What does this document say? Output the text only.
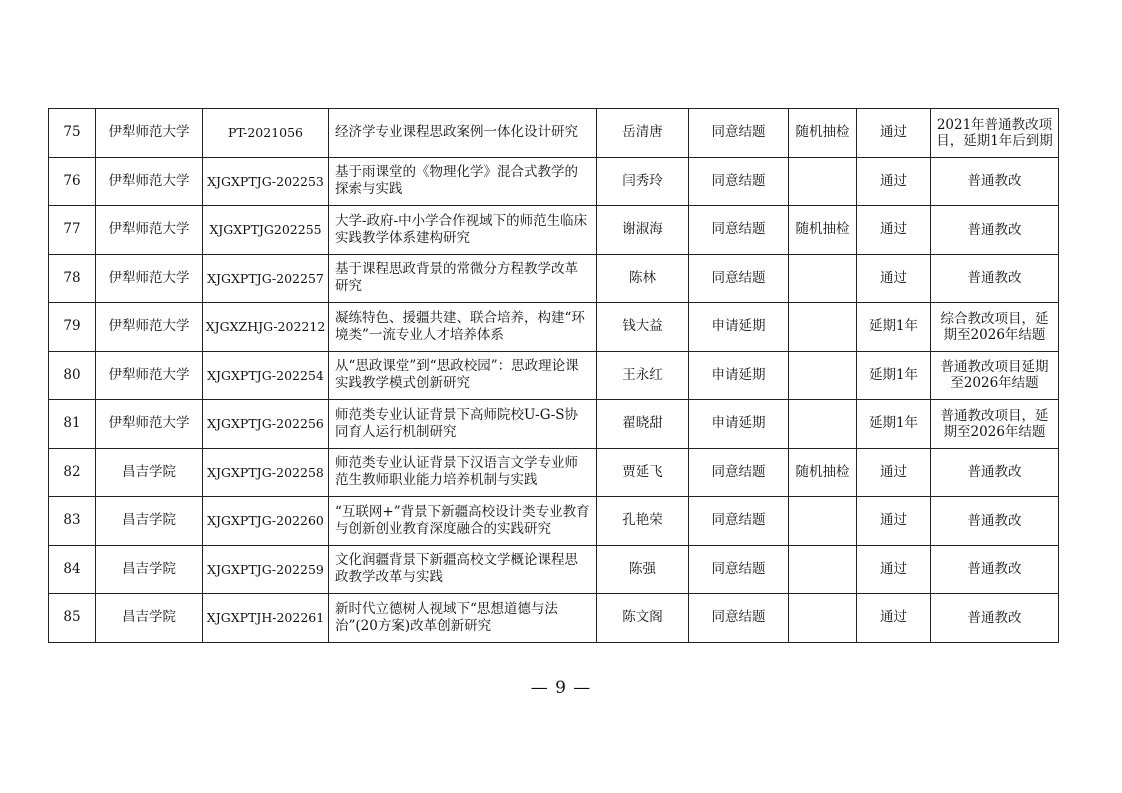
75	伊犁师范大学	PT-2021056	经济学专业课程思政案例一体化设计研究	岳清唐	同意结题	随机抽检	通过	2021年普通教改项目，延期1年后到期
76	伊犁师范大学	XJGXPTJG-202253	基于雨课堂的《物理化学》混合式教学的探索与实践	闫秀玲	同意结题		通过	普通教改
77	伊犁师范大学	XJGXPTJG202255	大学-政府-中小学合作视域下的师范生临床实践教学体系建构研究	谢淑海	同意结题	随机抽检	通过	普通教改
78	伊犁师范大学	XJGXPTJG-202257	基于课程思政背景的常微分方程教学改革研究	陈林	同意结题		通过	普通教改
79	伊犁师范大学	XJGXZHJG-202212	凝练特色、援疆共建、联合培养，构建“环境类”一流专业人才培养体系	钱大益	申请延期		延期1年	综合教改项目，延期至2026年结题
80	伊犁师范大学	XJGXPTJG-202254	从“思政课堂”到“思政校园”：思政理论课实践教学模式创新研究	王永红	申请延期		延期1年	普通教改项目延期至2026年结题
81	伊犁师范大学	XJGXPTJG-202256	师范类专业认证背景下高师院校U-G-S协同育人运行机制研究	翟晓甜	申请延期		延期1年	普通教改项目，延期至2026年结题
82	昌吉学院	XJGXPTJG-202258	师范类专业认证背景下汉语言文学专业师范生教师职业能力培养机制与实践	贾延飞	同意结题	随机抽检	通过	普通教改
83	昌吉学院	XJGXPTJG-202260	“互联网+”背景下新疆高校设计类专业教育与创新创业教育深度融合的实践研究	孔艳荣	同意结题		通过	普通教改
84	昌吉学院	XJGXPTJG-202259	文化润疆背景下新疆高校文学概论课程思政教学改革与实践	陈强	同意结题		通过	普通教改
85	昌吉学院	XJGXPTJH-202261	新时代立德树人视域下“思想道德与法治”(20方案)改革创新研究	陈文阁	同意结题		通过	普通教改
— 9 —
